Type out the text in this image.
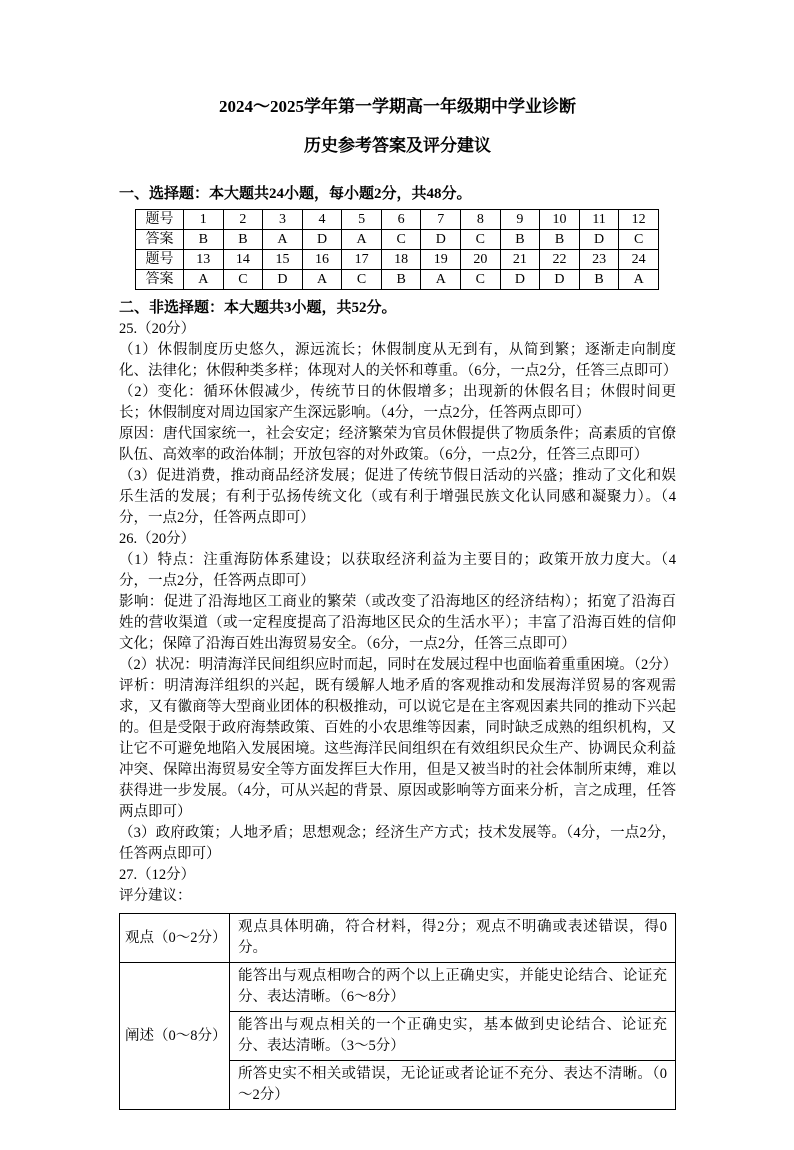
2024～2025学年第一学期高一年级期中学业诊断
历史参考答案及评分建议
一、选择题：本大题共24小题，每小题2分，共48分。
题号	1	2	3	4	5	6	7	8	9	10	11	12
答案	B	B	A	D	A	C	D	C	B	B	D	C
题号	13	14	15	16	17	18	19	20	21	22	23	24
答案	A	C	D	A	C	B	A	C	D	D	B	A
二、非选择题：本大题共3小题，共52分。
25.（20分）

（1）休假制度历史悠久，源远流长；休假制度从无到有，从简到繁；逐渐走向制度化、法律化；休假种类多样；体现对人的关怀和尊重。（6分，一点2分，任答三点即可）

（2）变化：循环休假减少，传统节日的休假增多；出现新的休假名目；休假时间更长；休假制度对周边国家产生深远影响。（4分，一点2分，任答两点即可）

原因：唐代国家统一，社会安定；经济繁荣为官员休假提供了物质条件；高素质的官僚队伍、高效率的政治体制；开放包容的对外政策。（6分，一点2分，任答三点即可）

（3）促进消费，推动商品经济发展；促进了传统节假日活动的兴盛；推动了文化和娱乐生活的发展；有利于弘扬传统文化（或有利于增强民族文化认同感和凝聚力）。（4分，一点2分，任答两点即可）

26.（20分）

（1）特点：注重海防体系建设；以获取经济利益为主要目的；政策开放力度大。（4分，一点2分，任答两点即可）

影响：促进了沿海地区工商业的繁荣（或改变了沿海地区的经济结构）；拓宽了沿海百姓的营收渠道（或一定程度提高了沿海地区民众的生活水平）；丰富了沿海百姓的信仰文化；保障了沿海百姓出海贸易安全。（6分，一点2分，任答三点即可）

（2）状况：明清海洋民间组织应时而起，同时在发展过程中也面临着重重困境。（2分）

评析：明清海洋组织的兴起，既有缓解人地矛盾的客观推动和发展海洋贸易的客观需求，又有徽商等大型商业团体的积极推动，可以说它是在主客观因素共同的推动下兴起的。但是受限于政府海禁政策、百姓的小农思维等因素，同时缺乏成熟的组织机构，又让它不可避免地陷入发展困境。这些海洋民间组织在有效组织民众生产、协调民众利益冲突、保障出海贸易安全等方面发挥巨大作用，但是又被当时的社会体制所束缚，难以获得进一步发展。（4分，可从兴起的背景、原因或影响等方面来分析，言之成理，任答两点即可）

（3）政府政策；人地矛盾；思想观念；经济生产方式；技术发展等。（4分，一点2分，任答两点即可）

27.（12分）
评分建议：
观点（0～2分）	观点具体明确，符合材料，得2分；观点不明确或表述错误，得0分。
阐述（0～8分）	能答出与观点相吻合的两个以上正确史实，并能史论结合、论证充分、表达清晰。（6～8分）
	能答出与观点相关的一个正确史实，基本做到史论结合、论证充分、表达清晰。（3～5分）
	所答史实不相关或错误，无论证或者论证不充分、表达不清晰。（0～2分）
